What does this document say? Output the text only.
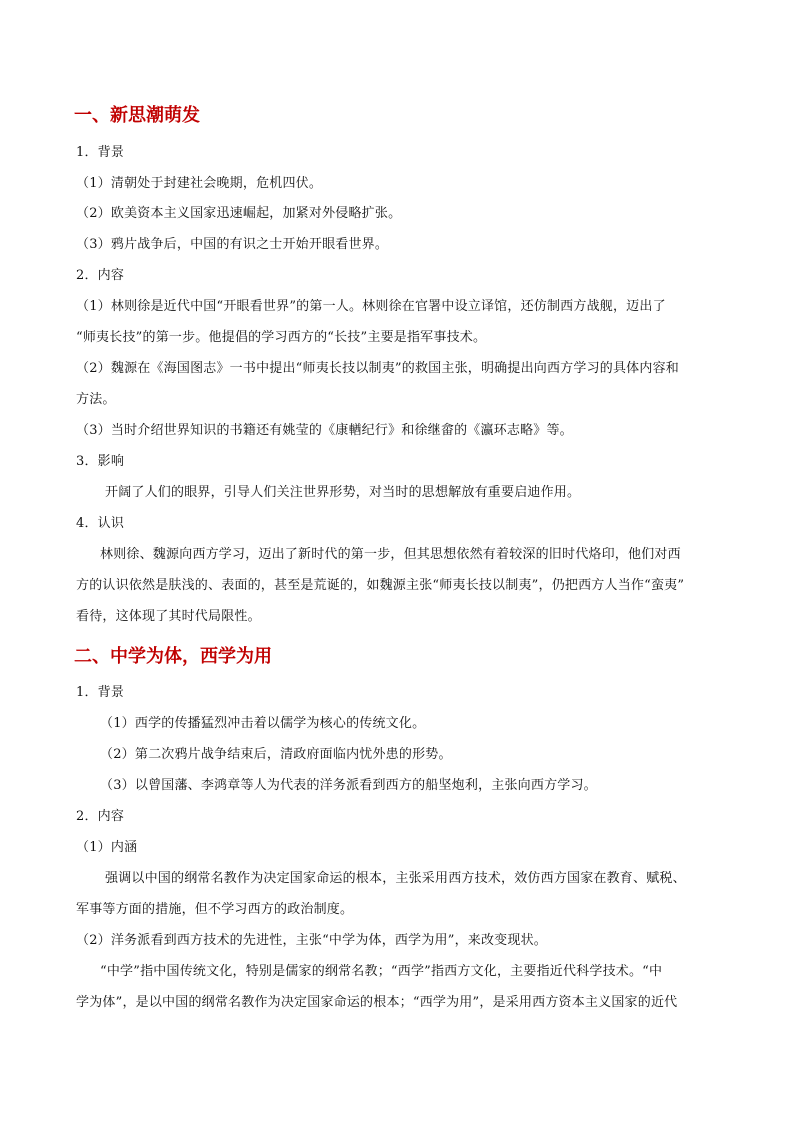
一、新思潮萌发
1．背景
（1）清朝处于封建社会晚期，危机四伏。
（2）欧美资本主义国家迅速崛起，加紧对外侵略扩张。
（3）鸦片战争后，中国的有识之士开始开眼看世界。
2．内容
（1）林则徐是近代中国“开眼看世界”的第一人。林则徐在官署中设立译馆，还仿制西方战舰，迈出了
“师夷长技”的第一步。他提倡的学习西方的“长技”主要是指军事技术。
（2）魏源在《海国图志》一书中提出“师夷长技以制夷”的救国主张，明确提出向西方学习的具体内容和
方法。
（3）当时介绍世界知识的书籍还有姚莹的《康輶纪行》和徐继畲的《瀛环志略》等。
3．影响
开阔了人们的眼界，引导人们关注世界形势，对当时的思想解放有重要启迪作用。
4．认识
林则徐、魏源向西方学习，迈出了新时代的第一步，但其思想依然有着较深的旧时代烙印，他们对西
方的认识依然是肤浅的、表面的，甚至是荒诞的，如魏源主张“师夷长技以制夷”，仍把西方人当作“蛮夷”
看待，这体现了其时代局限性。
二、中学为体，西学为用
1．背景
（1）西学的传播猛烈冲击着以儒学为核心的传统文化。
（2）第二次鸦片战争结束后，清政府面临内忧外患的形势。
（3）以曾国藩、李鸿章等人为代表的洋务派看到西方的船坚炮利，主张向西方学习。
2．内容
（1）内涵
强调以中国的纲常名教作为决定国家命运的根本，主张采用西方技术，效仿西方国家在教育、赋税、
军事等方面的措施，但不学习西方的政治制度。
（2）洋务派看到西方技术的先进性，主张“中学为体，西学为用”，来改变现状。
“中学”指中国传统文化，特别是儒家的纲常名教；“西学”指西方文化，主要指近代科学技术。“中
学为体”，是以中国的纲常名教作为决定国家命运的根本；“西学为用”，是采用西方资本主义国家的近代
